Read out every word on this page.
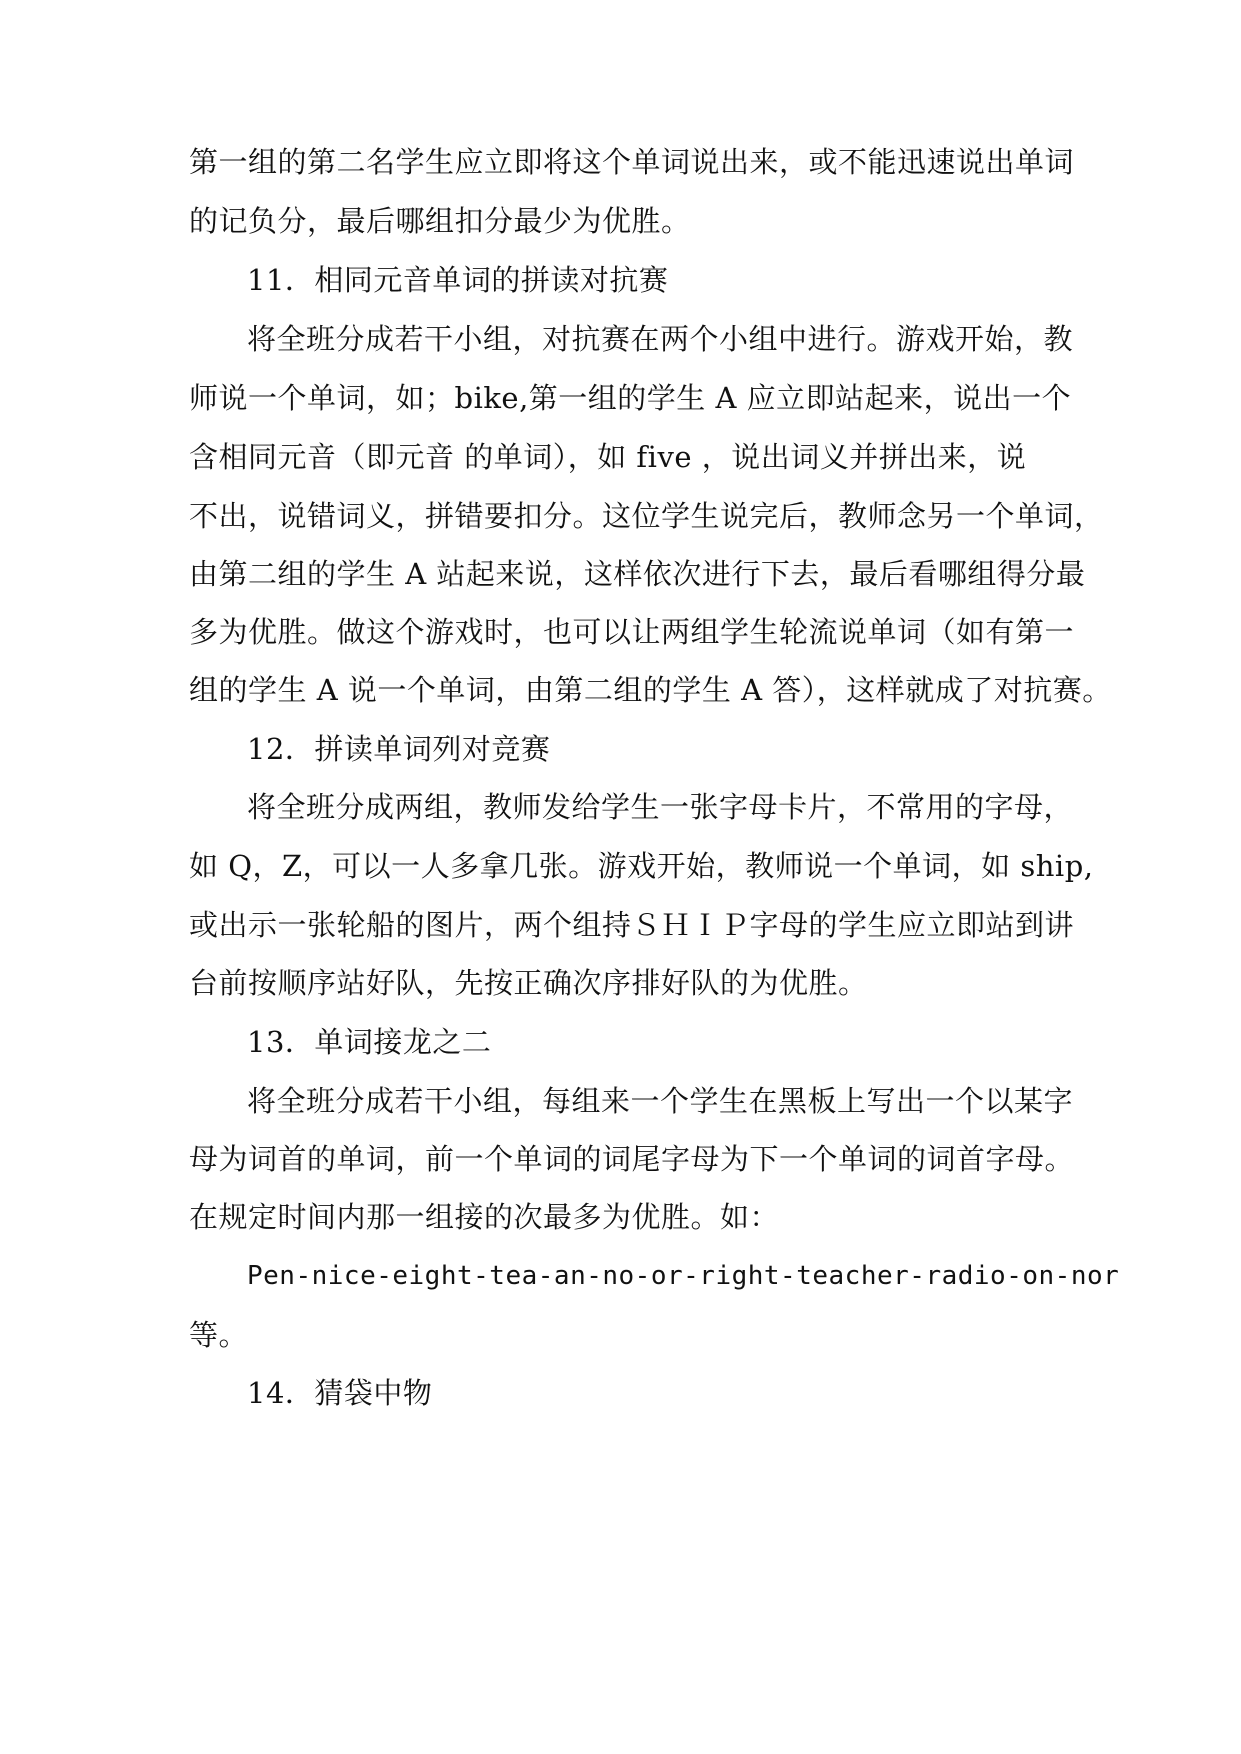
第一组的第二名学生应立即将这个单词说出来，或不能迅速说出单词
的记负分，最后哪组扣分最少为优胜。
11．相同元音单词的拼读对抗赛
将全班分成若干小组，对抗赛在两个小组中进行。游戏开始，教
师说一个单词，如；bike,第一组的学生 A 应立即站起来，说出一个
含相同元音（即元音 的单词），如 five ，说出词义并拼出来，说
不出，说错词义，拼错要扣分。这位学生说完后，教师念另一个单词，
由第二组的学生 A 站起来说，这样依次进行下去，最后看哪组得分最
多为优胜。做这个游戏时，也可以让两组学生轮流说单词（如有第一
组的学生 A 说一个单词，由第二组的学生 A 答），这样就成了对抗赛。
12．拼读单词列对竞赛
将全班分成两组，教师发给学生一张字母卡片，不常用的字母，
如 Q，Z，可以一人多拿几张。游戏开始，教师说一个单词，如 ship,
或出示一张轮船的图片，两个组持ＳＨＩＰ字母的学生应立即站到讲
台前按顺序站好队，先按正确次序排好队的为优胜。
13．单词接龙之二
将全班分成若干小组，每组来一个学生在黑板上写出一个以某字
母为词首的单词，前一个单词的词尾字母为下一个单词的词首字母。
在规定时间内那一组接的次最多为优胜。如：
Pen-nice-eight-tea-an-no-or-right-teacher-radio-on-nor
等。
14．猜袋中物
